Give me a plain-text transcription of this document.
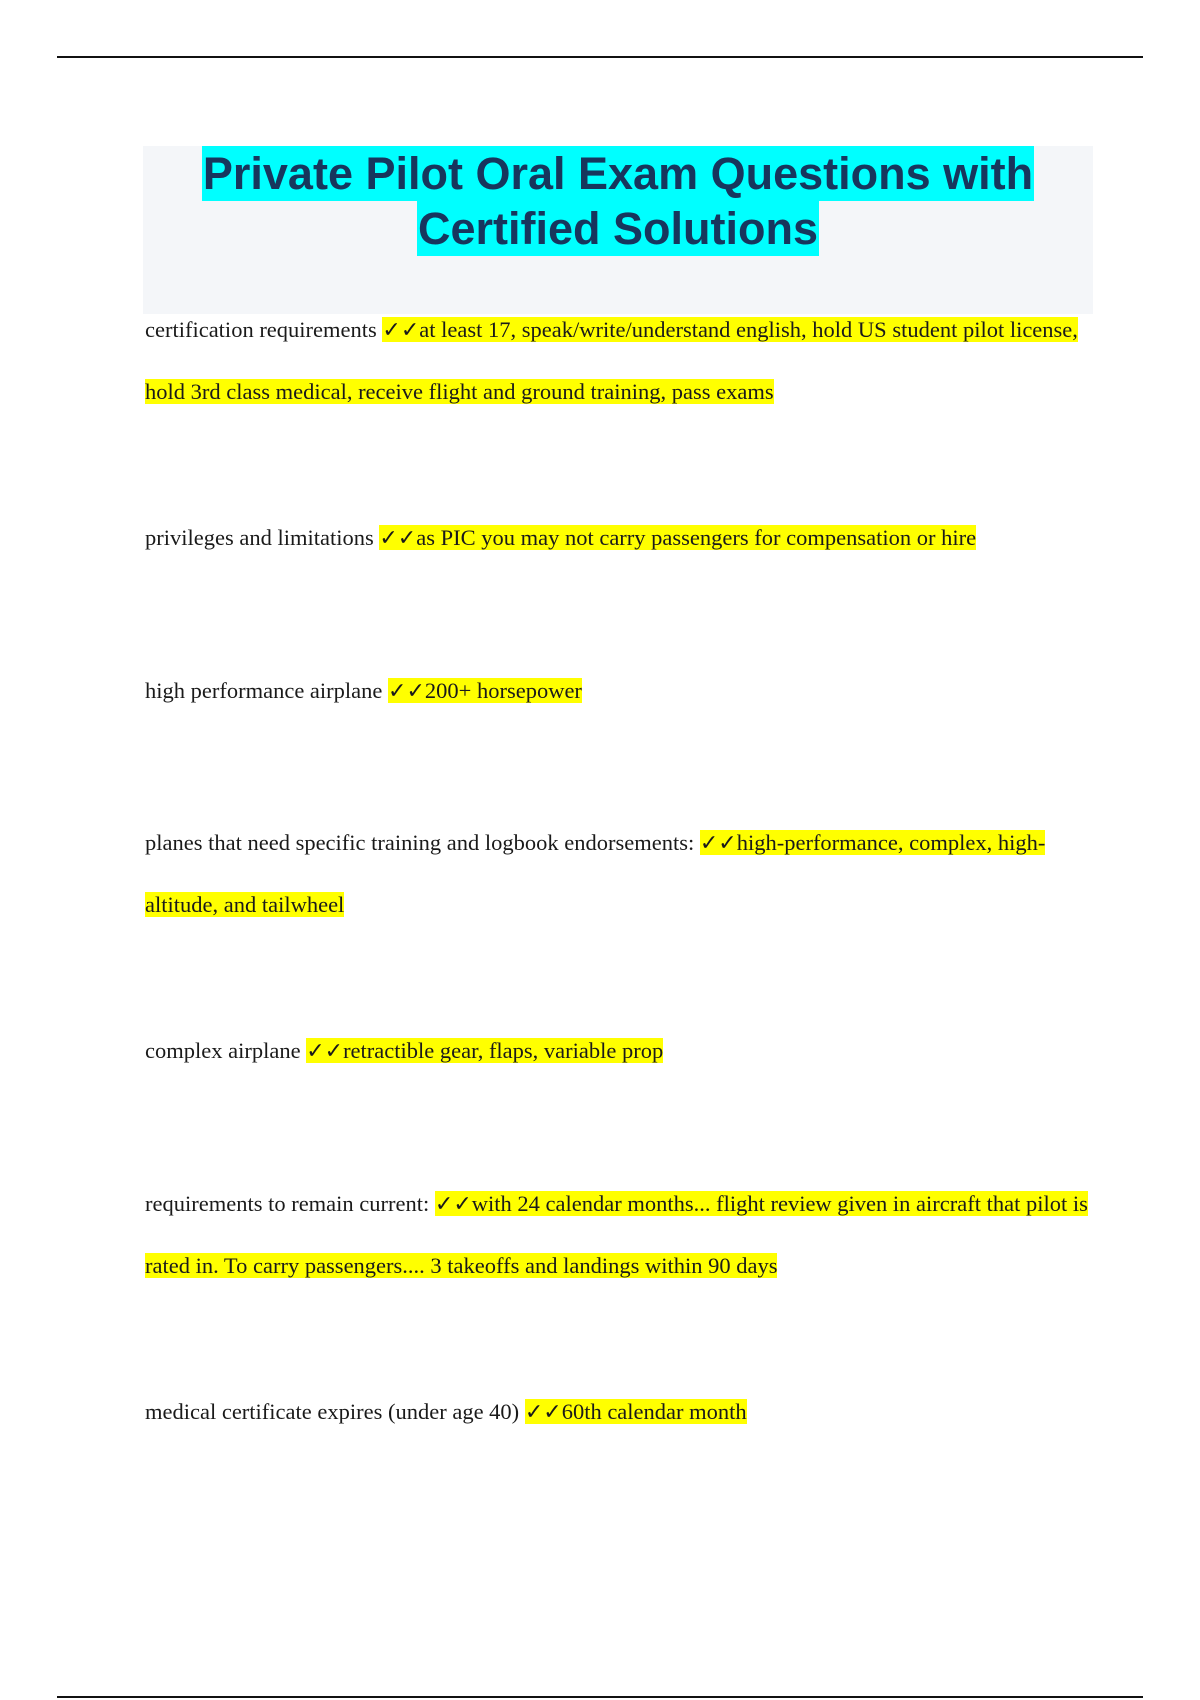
Private Pilot Oral Exam Questions with
Certified Solutions

certification requirements ✓✓at least 17, speak/write/understand english, hold US student pilot license, hold 3rd class medical, receive flight and ground training, pass exams

privileges and limitations ✓✓as PIC you may not carry passengers for compensation or hire

high performance airplane ✓✓200+ horsepower

planes that need specific training and logbook endorsements: ✓✓high-performance, complex, high-altitude, and tailwheel

complex airplane ✓✓retractible gear, flaps, variable prop

requirements to remain current: ✓✓with 24 calendar months... flight review given in aircraft that pilot is rated in. To carry passengers.... 3 takeoffs and landings within 90 days

medical certificate expires (under age 40) ✓✓60th calendar month
